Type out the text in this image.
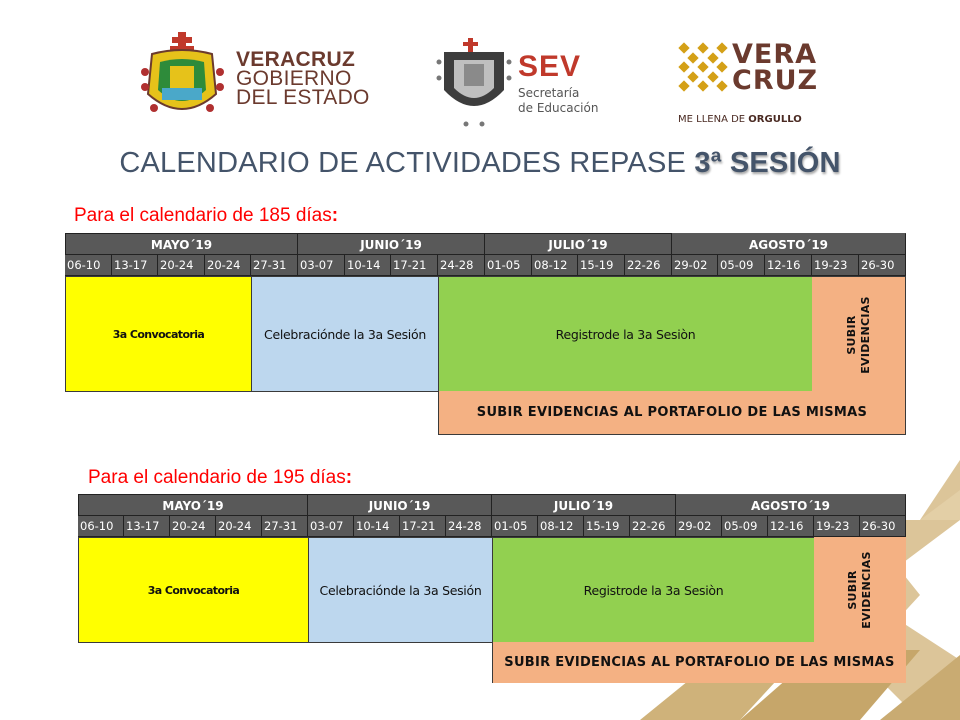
VERACRUZ
GOBIERNO
DEL ESTADO
SEV
Secretaría
de Educación
VERA
CRUZ
ME LLENA DE ORGULLO
CALENDARIO DE ACTIVIDADES REPASE 3ª SESIÓN
Para el calendario de 185 días:
MAYO´19	JUNIO´19	JULIO´19	AGOSTO´19
06-10	13-17	20-24	20-24	27-31	03-07	10-14	17-21	24-28	01-05	08-12	15-19	22-26	29-02	05-09	12-16	19-23	26-30
3a Convocatoria	Celebraciónde la 3a Sesión	Registrode la 3a Sesiòn	SUBIR EVIDENCIAS
SUBIR EVIDENCIAS AL PORTAFOLIO DE LAS MISMAS
Para el calendario de 195 días:
MAYO´19	JUNIO´19	JULIO´19	AGOSTO´19
06-10	13-17	20-24	20-24	27-31	03-07	10-14	17-21	24-28	01-05	08-12	15-19	22-26	29-02	05-09	12-16	19-23	26-30
3a Convocatoria	Celebraciónde la 3a Sesión	Registrode la 3a Sesiòn	SUBIR EVIDENCIAS
SUBIR EVIDENCIAS AL PORTAFOLIO DE LAS MISMAS
